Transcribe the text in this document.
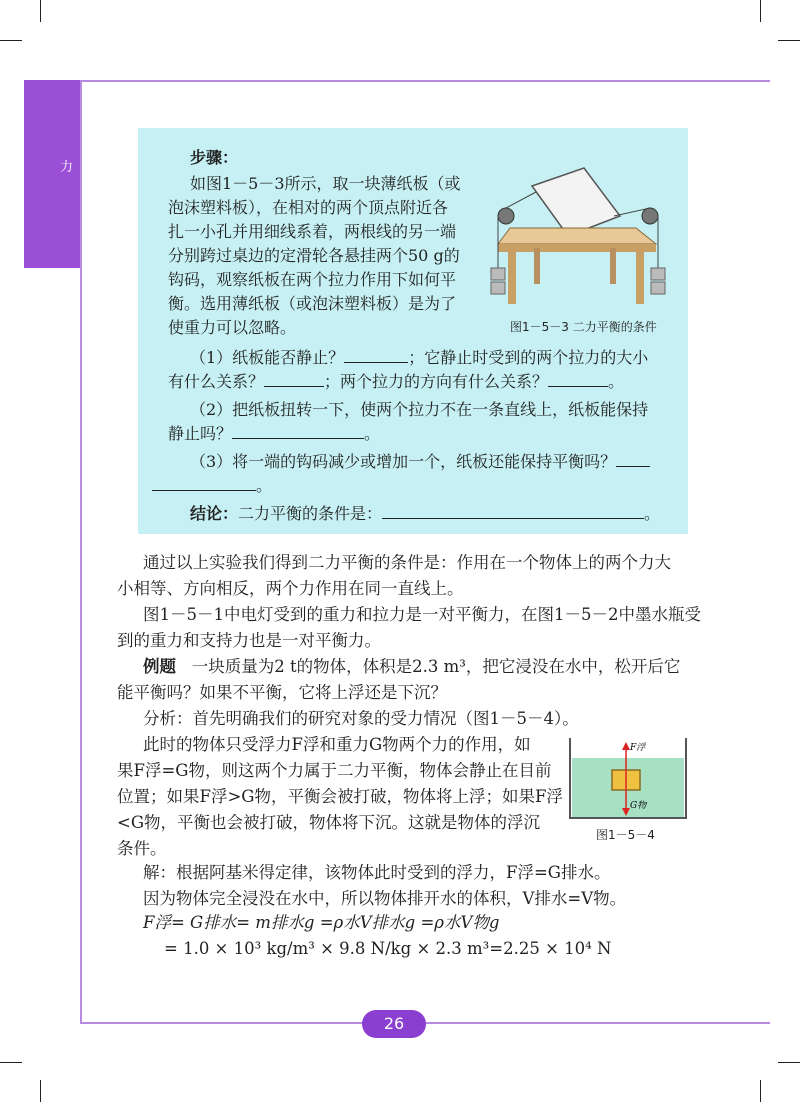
力
步骤：
如图1－5－3所示，取一块薄纸板（或
泡沫塑料板），在相对的两个顶点附近各
扎一小孔并用细线系着，两根线的另一端
分别跨过桌边的定滑轮各悬挂两个50 g的
钩码，观察纸板在两个拉力作用下如何平
衡。选用薄纸板（或泡沫塑料板）是为了
使重力可以忽略。	图1－5－3 二力平衡的条件
（1）纸板能否静止？	；它静止时受到的两个拉力的大小
有什么关系？	；两个拉力的方向有什么关系？	。
（2）把纸板扭转一下，使两个拉力不在一条直线上，纸板能保持
静止吗？	。
（3）将一端的钩码减少或增加一个，纸板还能保持平衡吗？
。
结论：二力平衡的条件是：	。
通过以上实验我们得到二力平衡的条件是：作用在一个物体上的两个力大
小相等、方向相反，两个力作用在同一直线上。
图1－5－1中电灯受到的重力和拉力是一对平衡力，在图1－5－2中墨水瓶受
到的重力和支持力也是一对平衡力。
例题 一块质量为2 t的物体，体积是2.3 m³，把它浸没在水中，松开后它
能平衡吗？如果不平衡，它将上浮还是下沉？
分析：首先明确我们的研究对象的受力情况（图1－5－4）。
此时的物体只受浮力F浮和重力G物两个力的作用，如
果F浮=G物，则这两个力属于二力平衡，物体会静止在目前
位置；如果F浮>G物，平衡会被打破，物体将上浮；如果F浮
<G物，平衡也会被打破，物体将下沉。这就是物体的浮沉
条件。
F浮
G物
图1－5－4
解：根据阿基米得定律，该物体此时受到的浮力，F浮=G排水。
因为物体完全浸没在水中，所以物体排开水的体积，V排水=V物。
F浮= G排水= m排水g =ρ水V排水g =ρ水V物g
= 1.0 × 10³ kg/m³ × 9.8 N/kg × 2.3 m³=2.25 × 10⁴ N
26
